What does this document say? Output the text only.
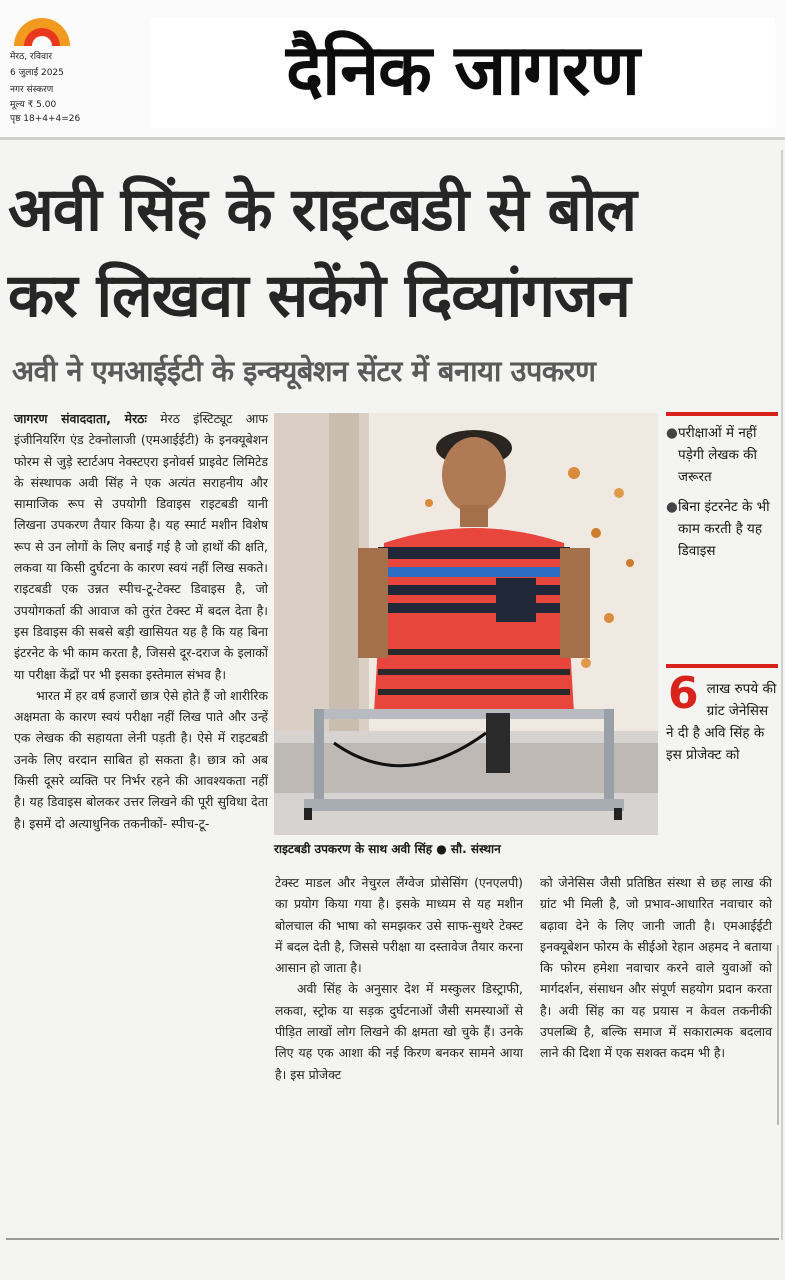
मेरठ, रविवार
6 जुलाई 2025
नगर संस्करण
मूल्य ₹ 5.00
पृष्ठ 18+4+4=26
दैनिक जागरण
अवी सिंह के राइटबडी से बोल
कर लिखवा सकेंगे दिव्यांगजन
अवी ने एमआईईटी के इन्क्यूबेशन सेंटर में बनाया उपकरण

जागरण संवाददाता, मेरठः मेरठ इंस्टिट्यूट आफ इंजीनियरिंग एंड टेक्नोलाजी (एमआईईटी) के इनक्यूबेशन फोरम से जुड़े स्टार्टअप नेक्स्टएरा इनोवर्स प्राइवेट लिमिटेड के संस्थापक अवी सिंह ने एक अत्यंत सराहनीय और सामाजिक रूप से उपयोगी डिवाइस राइटबडी यानी लिखना उपकरण तैयार किया है। यह स्मार्ट मशीन विशेष रूप से उन लोगों के लिए बनाई गई है जो हाथों की क्षति, लकवा या किसी दुर्घटना के कारण स्वयं नहीं लिख सकते। राइटबडी एक उन्नत स्पीच-टू-टेक्स्ट डिवाइस है, जो उपयोगकर्ता की आवाज को तुरंत टेक्स्ट में बदल देता है। इस डिवाइस की सबसे बड़ी खासियत यह है कि यह बिना इंटरनेट के भी काम करता है, जिससे दूर-दराज के इलाकों या परीक्षा केंद्रों पर भी इसका इस्तेमाल संभव है।

भारत में हर वर्ष हजारों छात्र ऐसे होते हैं जो शारीरिक अक्षमता के कारण स्वयं परीक्षा नहीं लिख पाते और उन्हें एक लेखक की सहायता लेनी पड़ती है। ऐसे में राइटबडी उनके लिए वरदान साबित हो सकता है। छात्र को अब किसी दूसरे व्यक्ति पर निर्भर रहने की आवश्यकता नहीं है। यह डिवाइस बोलकर उत्तर लिखने की पूरी सुविधा देता है। इसमें दो अत्याधुनिक तकनीकों- स्पीच-टू-

राइटबडी उपकरण के साथ अवी सिंह ● सौ. संस्थान
● परीक्षाओं में नहीं पड़ेगी लेखक की जरूरत
● बिना इंटरनेट के भी काम करती है यह डिवाइस
6 लाख रुपये की ग्रांट जेनेसिस ने दी है अवि सिंह के इस प्रोजेक्ट को

टेक्स्ट माडल और नेचुरल लैंग्वेज प्रोसेसिंग (एनएलपी) का प्रयोग किया गया है। इसके माध्यम से यह मशीन बोलचाल की भाषा को समझकर उसे साफ-सुथरे टेक्स्ट में बदल देती है, जिससे परीक्षा या दस्तावेज तैयार करना आसान हो जाता है।

अवी सिंह के अनुसार देश में मस्कुलर डिस्ट्राफी, लकवा, स्ट्रोक या सड़क दुर्घटनाओं जैसी समस्याओं से पीड़ित लाखों लोग लिखने की क्षमता खो चुके हैं। उनके लिए यह एक आशा की नई किरण बनकर सामने आया है। इस प्रोजेक्ट

को जेनेसिस जैसी प्रतिष्ठित संस्था से छह लाख की ग्रांट भी मिली है, जो प्रभाव-आधारित नवाचार को बढ़ावा देने के लिए जानी जाती है। एमआईईटी इनक्यूबेशन फोरम के सीईओ रेहान अहमद ने बताया कि फोरम हमेशा नवाचार करने वाले युवाओं को मार्गदर्शन, संसाधन और संपूर्ण सहयोग प्रदान करता है। अवी सिंह का यह प्रयास न केवल तकनीकी उपलब्धि है, बल्कि समाज में सकारात्मक बदलाव लाने की दिशा में एक सशक्त कदम भी है।
